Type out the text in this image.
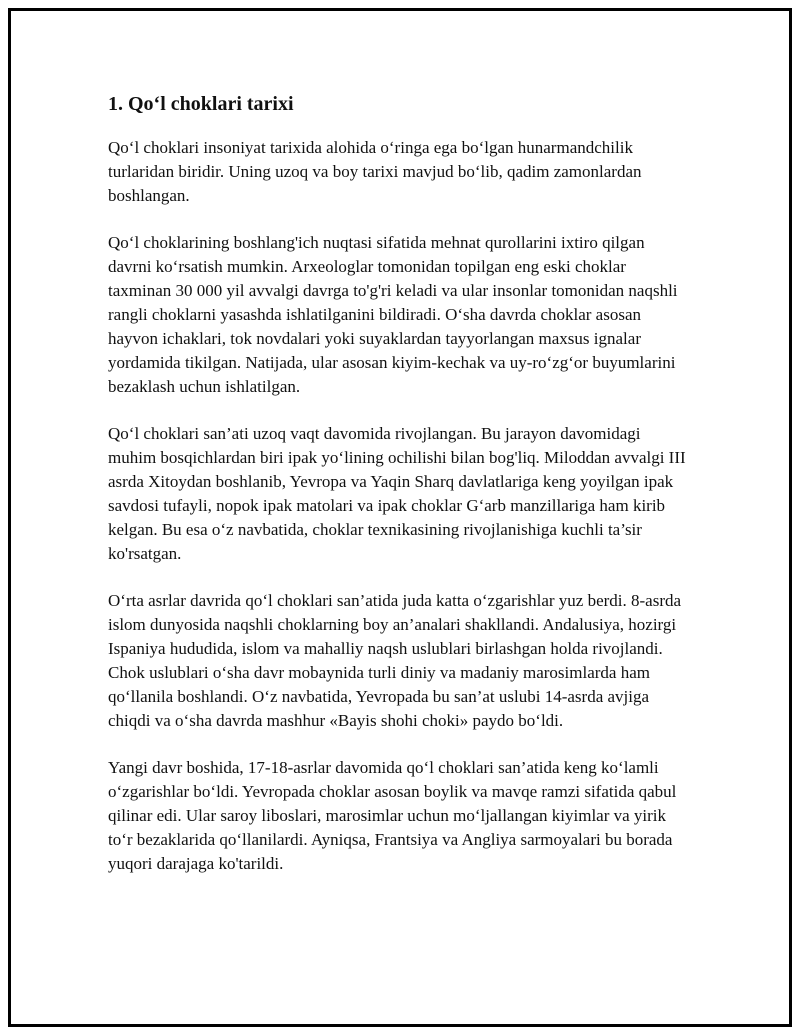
1. Qo‘l choklari tarixi

Qo‘l choklari insoniyat tarixida alohida o‘ringa ega bo‘lgan hunarmandchilik turlaridan biridir. Uning uzoq va boy tarixi mavjud bo‘lib, qadim zamonlardan boshlangan.

Qo‘l choklarining boshlang'ich nuqtasi sifatida mehnat qurollarini ixtiro qilgan davrni ko‘rsatish mumkin. Arxeologlar tomonidan topilgan eng eski choklar taxminan 30 000 yil avvalgi davrga to'g'ri keladi va ular insonlar tomonidan naqshli rangli choklarni yasashda ishlatilganini bildiradi. O‘sha davrda choklar asosan hayvon ichaklari, tok novdalari yoki suyaklardan tayyorlangan maxsus ignalar yordamida tikilgan. Natijada, ular asosan kiyim-kechak va uy-ro‘zg‘or buyumlarini bezaklash uchun ishlatilgan.

Qo‘l choklari san’ati uzoq vaqt davomida rivojlangan. Bu jarayon davomidagi muhim bosqichlardan biri ipak yo‘lining ochilishi bilan bog'liq. Miloddan avvalgi III asrda Xitoydan boshlanib, Yevropa va Yaqin Sharq davlatlariga keng yoyilgan ipak savdosi tufayli, nopok ipak matolari va ipak choklar G‘arb manzillariga ham kirib kelgan. Bu esa o‘z navbatida, choklar texnikasining rivojlanishiga kuchli ta’sir ko'rsatgan.

O‘rta asrlar davrida qo‘l choklari san’atida juda katta o‘zgarishlar yuz berdi. 8-asrda islom dunyosida naqshli choklarning boy an’analari shakllandi. Andalusiya, hozirgi Ispaniya hududida, islom va mahalliy naqsh uslublari birlashgan holda rivojlandi. Chok uslublari o‘sha davr mobaynida turli diniy va madaniy marosimlarda ham qo‘llanila boshlandi. O‘z navbatida, Yevropada bu san’at uslubi 14-asrda avjiga chiqdi va o‘sha davrda mashhur «Bayis shohi choki» paydo bo‘ldi.

Yangi davr boshida, 17-18-asrlar davomida qo‘l choklari san’atida keng ko‘lamli o‘zgarishlar bo‘ldi. Yevropada choklar asosan boylik va mavqe ramzi sifatida qabul qilinar edi. Ular saroy liboslari, marosimlar uchun mo‘ljallangan kiyimlar va yirik to‘r bezaklarida qo‘llanilardi. Ayniqsa, Frantsiya va Angliya sarmoyalari bu borada yuqori darajaga ko'tarildi.
